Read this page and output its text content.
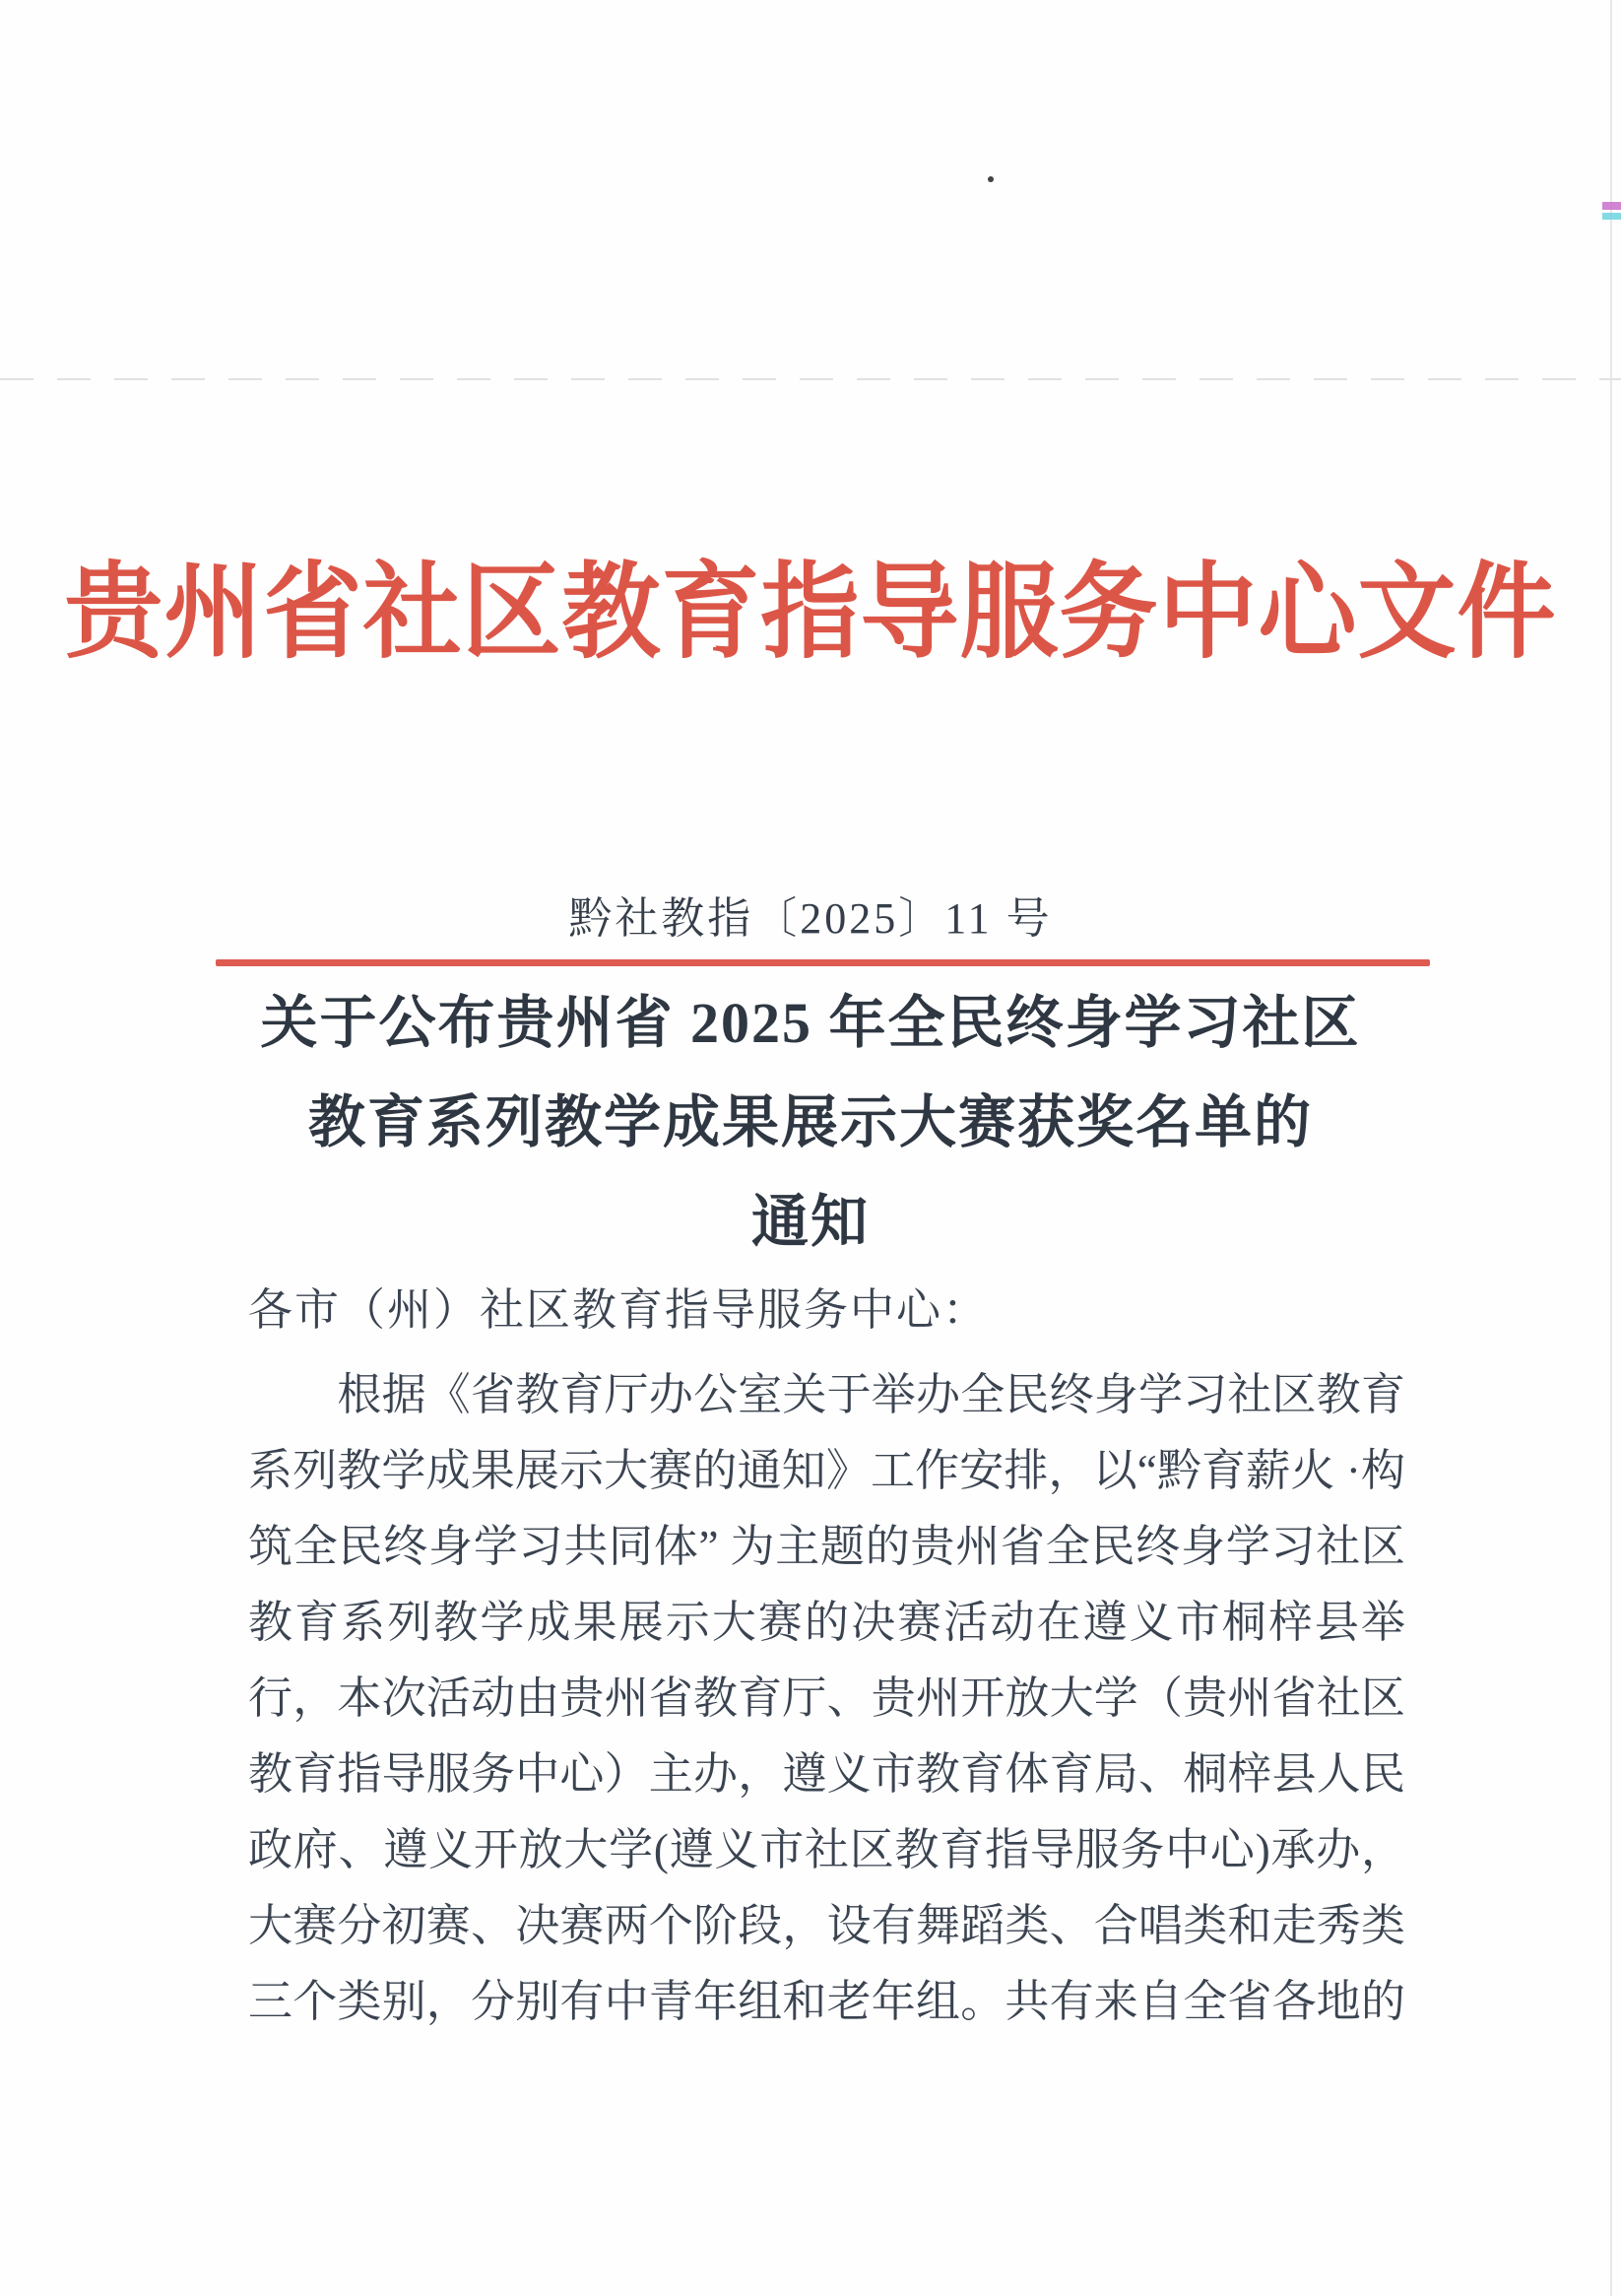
贵州省社区教育指导服务中心文件
黔社教指〔2025〕11 号
关于公布贵州省 2025 年全民终身学习社区
教育系列教学成果展示大赛获奖名单的
通知
各市（州）社区教育指导服务中心：
　　根据《省教育厅办公室关于举办全民终身学习社区教育
系列教学成果展示大赛的通知》工作安排，以“黔育薪火 ·构
筑全民终身学习共同体” 为主题的贵州省全民终身学习社区
教育系列教学成果展示大赛的决赛活动在遵义市桐梓县举
行，本次活动由贵州省教育厅、贵州开放大学（贵州省社区
教育指导服务中心）主办，遵义市教育体育局、桐梓县人民
政府、遵义开放大学(遵义市社区教育指导服务中心)承办，
大赛分初赛、决赛两个阶段，设有舞蹈类、合唱类和走秀类
三个类别，分别有中青年组和老年组。共有来自全省各地的
